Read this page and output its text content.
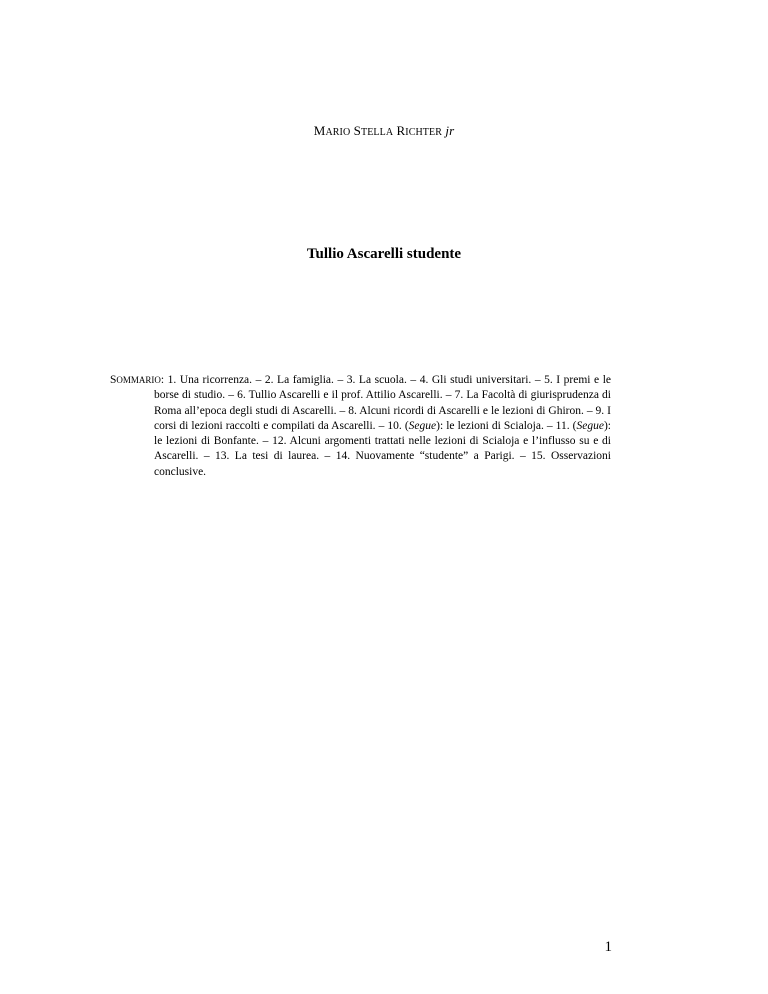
MARIO STELLA RICHTER jr
Tullio Ascarelli studente
SOMMARIO: 1. Una ricorrenza. – 2. La famiglia. – 3. La scuola. – 4. Gli studi universitari. – 5. I premi e le borse di studio. – 6. Tullio Ascarelli e il prof. Attilio Ascarelli. – 7. La Facoltà di giurisprudenza di Roma all’epoca degli studi di Ascarelli. – 8. Alcuni ricordi di Ascarelli e le lezioni di Ghiron. – 9. I corsi di lezioni raccolti e compilati da Ascarelli. – 10. (Segue): le lezioni di Scialoja. – 11. (Segue): le lezioni di Bonfante. – 12. Alcuni argomenti trattati nelle lezioni di Scialoja e l’influsso su e di Ascarelli. – 13. La tesi di laurea. – 14. Nuovamente “studente” a Parigi. – 15. Osservazioni conclusive.
1
